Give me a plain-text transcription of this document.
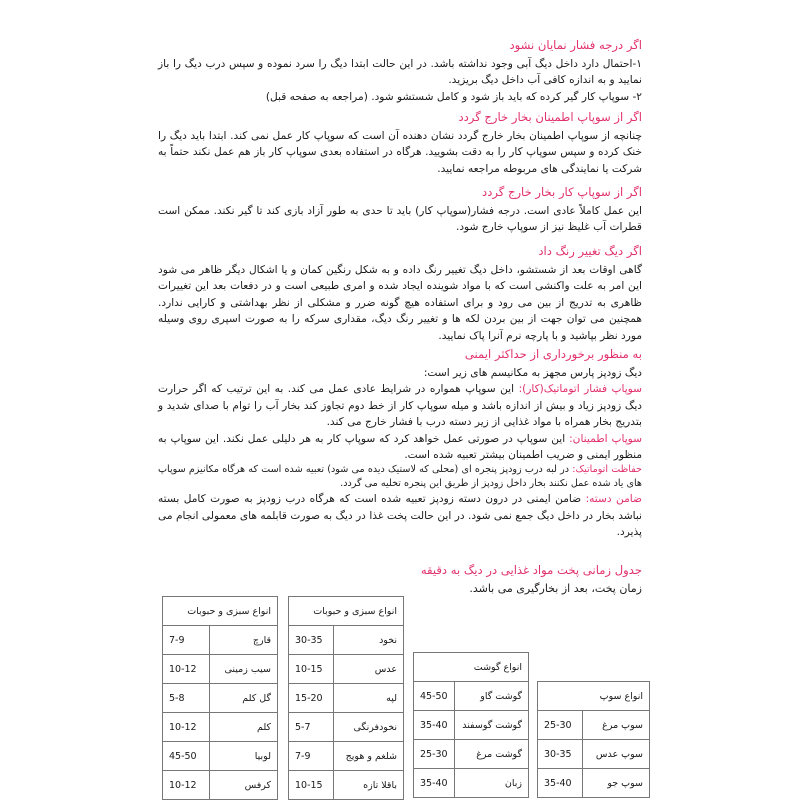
اگر درجه فشار نمایان نشود

۱-احتمال دارد داخل دیگ آبی وجود نداشته باشد. در این حالت ابتدا دیگ را سرد نموده و سپس درب دیگ را باز نمایید و به اندازه کافی آب داخل دیگ بریزید.

۲- سوپاپ کار گیر کرده که باید باز شود و کامل شستشو شود. (مراجعه به صفحه قبل)

اگر از سوپاپ اطمینان بخار خارج گردد

چنانچه از سوپاپ اطمینان بخار خارج گردد نشان دهنده آن است که سوپاپ کار عمل نمی کند. ابتدا باید دیگ را خنک کرده و سپس سوپاپ کار را به دقت بشویید. هرگاه در استفاده بعدی سوپاپ کار باز هم عمل نکند حتماً به شرکت یا نمایندگی های مربوطه مراجعه نمایید.

اگر از سوپاپ کار بخار خارج گردد

این عمل کاملاً عادی است. درجه فشار(سوپاپ کار) باید تا حدی به طور آزاد بازی کند تا گیر نکند. ممکن است قطرات آب غلیظ نیز از سوپاپ خارج شود.

اگر دیگ تغییر رنگ داد

گاهی اوقات بعد از شستشو، داخل دیگ تغییر رنگ داده و به شکل رنگین کمان و یا اشکال دیگر ظاهر می شود این امر به علت واکنشی است که با مواد شوینده ایجاد شده و امری طبیعی است و در دفعات بعد این تغییرات ظاهری به تدریج از بین می رود و برای استفاده هیچ گونه ضرر و مشکلی از نظر بهداشتی و کارایی ندارد. همچنین می توان جهت از بین بردن لکه ها و تغییر رنگ دیگ، مقداری سرکه را به صورت اسپری روی وسیله مورد نظر بپاشید و با پارچه نرم آنرا پاک نمایید.

به منظور برخورداری از حداکثر ایمنی

دیگ زودپز پارس مجهز به مکانیسم های زیر است:

سوپاپ فشار اتوماتیک(کار): این سوپاپ همواره در شرایط عادی عمل می کند. به این ترتیب که اگر حرارت دیگ زودپز زیاد و بیش از اندازه باشد و میله سوپاپ کار از خط دوم تجاوز کند بخار آب را توام با صدای شدید و بتدریج بخار همراه با مواد غذایی از زیر دسته درب با فشار خارج می کند.

سوپاپ اطمینان: این سوپاپ در صورتی عمل خواهد کرد که سوپاپ کار به هر دلیلی عمل نکند. این سوپاپ به منظور ایمنی و ضریب اطمینان بیشتر تعبیه شده است.

حفاظت اتوماتیک: در لبه درب زودپز پنجره ای (محلی که لاستیک دیده می شود) تعبیه شده است که هرگاه مکانیزم سوپاپ های یاد شده عمل نکنند بخار داخل زودپز از طریق این پنجره تخلیه می گردد.

ضامن دسته: ضامن ایمنی در درون دسته زودپز تعبیه شده است که هرگاه درب زودپز به صورت کامل بسته نباشد بخار در داخل دیگ جمع نمی شود. در این حالت پخت غذا در دیگ به صورت قابلمه های معمولی انجام می پذیرد.

جدول زمانی پخت مواد غذایی در دیگ به دقیقه

زمان پخت، بعد از بخارگیری می باشد.

انواع سوپ	
سوپ مرغ	25-30
سوپ عدس	30-35
سوپ جو	35-40
انواع گوشت	
گوشت گاو	45-50
گوشت گوسفند	35-40
گوشت مرغ	25-30
زبان	35-40
انواع سبزی و حبوبات	
نخود	30-35
عدس	10-15
لپه	15-20
نخودفرنگی	5-7
شلغم و هویج	7-9
باقلا تازه	10-15
انواع سبزی و حبوبات	
قارچ	7-9
سیب زمینی	10-12
گل کلم	5-8
کلم	10-12
لوبیا	45-50
کرفس	10-12
